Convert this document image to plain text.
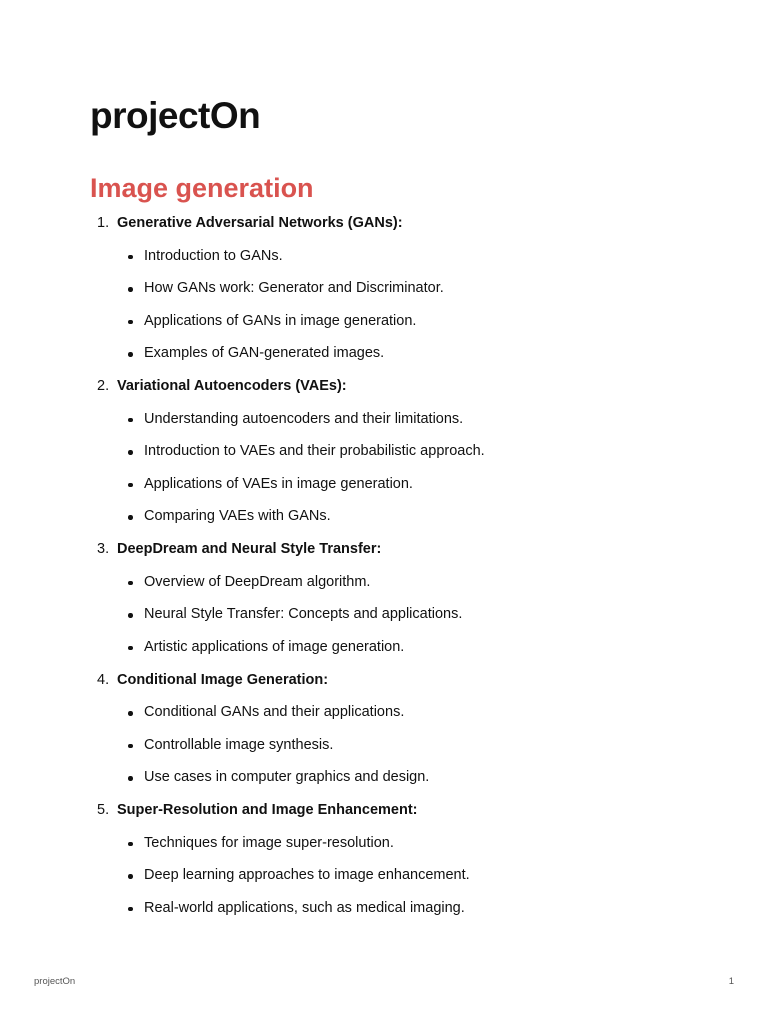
projectOn
Image generation
1. Generative Adversarial Networks (GANs):
Introduction to GANs.
How GANs work: Generator and Discriminator.
Applications of GANs in image generation.
Examples of GAN-generated images.
2. Variational Autoencoders (VAEs):
Understanding autoencoders and their limitations.
Introduction to VAEs and their probabilistic approach.
Applications of VAEs in image generation.
Comparing VAEs with GANs.
3. DeepDream and Neural Style Transfer:
Overview of DeepDream algorithm.
Neural Style Transfer: Concepts and applications.
Artistic applications of image generation.
4. Conditional Image Generation:
Conditional GANs and their applications.
Controllable image synthesis.
Use cases in computer graphics and design.
5. Super-Resolution and Image Enhancement:
Techniques for image super-resolution.
Deep learning approaches to image enhancement.
Real-world applications, such as medical imaging.
projectOn	1
